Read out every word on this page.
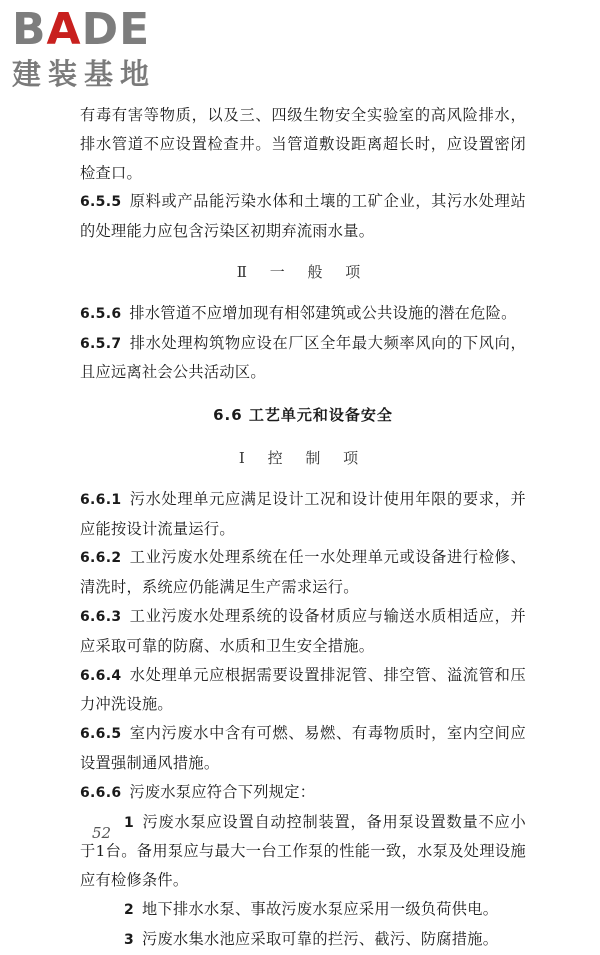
BADE
建装基地

有毒有害等物质，以及三、四级生物安全实验室的高风险排水，排水管道不应设置检查井。当管道敷设距离超长时，应设置密闭检查口。

6.5.5 原料或产品能污染水体和土壤的工矿企业，其污水处理站的处理能力应包含污染区初期弃流雨水量。

Ⅱ 一 般 项

6.5.6 排水管道不应增加现有相邻建筑或公共设施的潜在危险。

6.5.7 排水处理构筑物应设在厂区全年最大频率风向的下风向，且应远离社会公共活动区。

6.6 工艺单元和设备安全
Ⅰ 控 制 项

6.6.1 污水处理单元应满足设计工况和设计使用年限的要求，并应能按设计流量运行。

6.6.2 工业污废水处理系统在任一水处理单元或设备进行检修、清洗时，系统应仍能满足生产需求运行。

6.6.3 工业污废水处理系统的设备材质应与输送水质相适应，并应采取可靠的防腐、水质和卫生安全措施。

6.6.4 水处理单元应根据需要设置排泥管、排空管、溢流管和压力冲洗设施。

6.6.5 室内污废水中含有可燃、易燃、有毒物质时，室内空间应设置强制通风措施。

6.6.6 污废水泵应符合下列规定：

1 污废水泵应设置自动控制装置，备用泵设置数量不应小于1台。备用泵应与最大一台工作泵的性能一致，水泵及处理设施应有检修条件。

2 地下排水水泵、事故污废水泵应采用一级负荷供电。

3 污废水集水池应采取可靠的拦污、截污、防腐措施。

52
